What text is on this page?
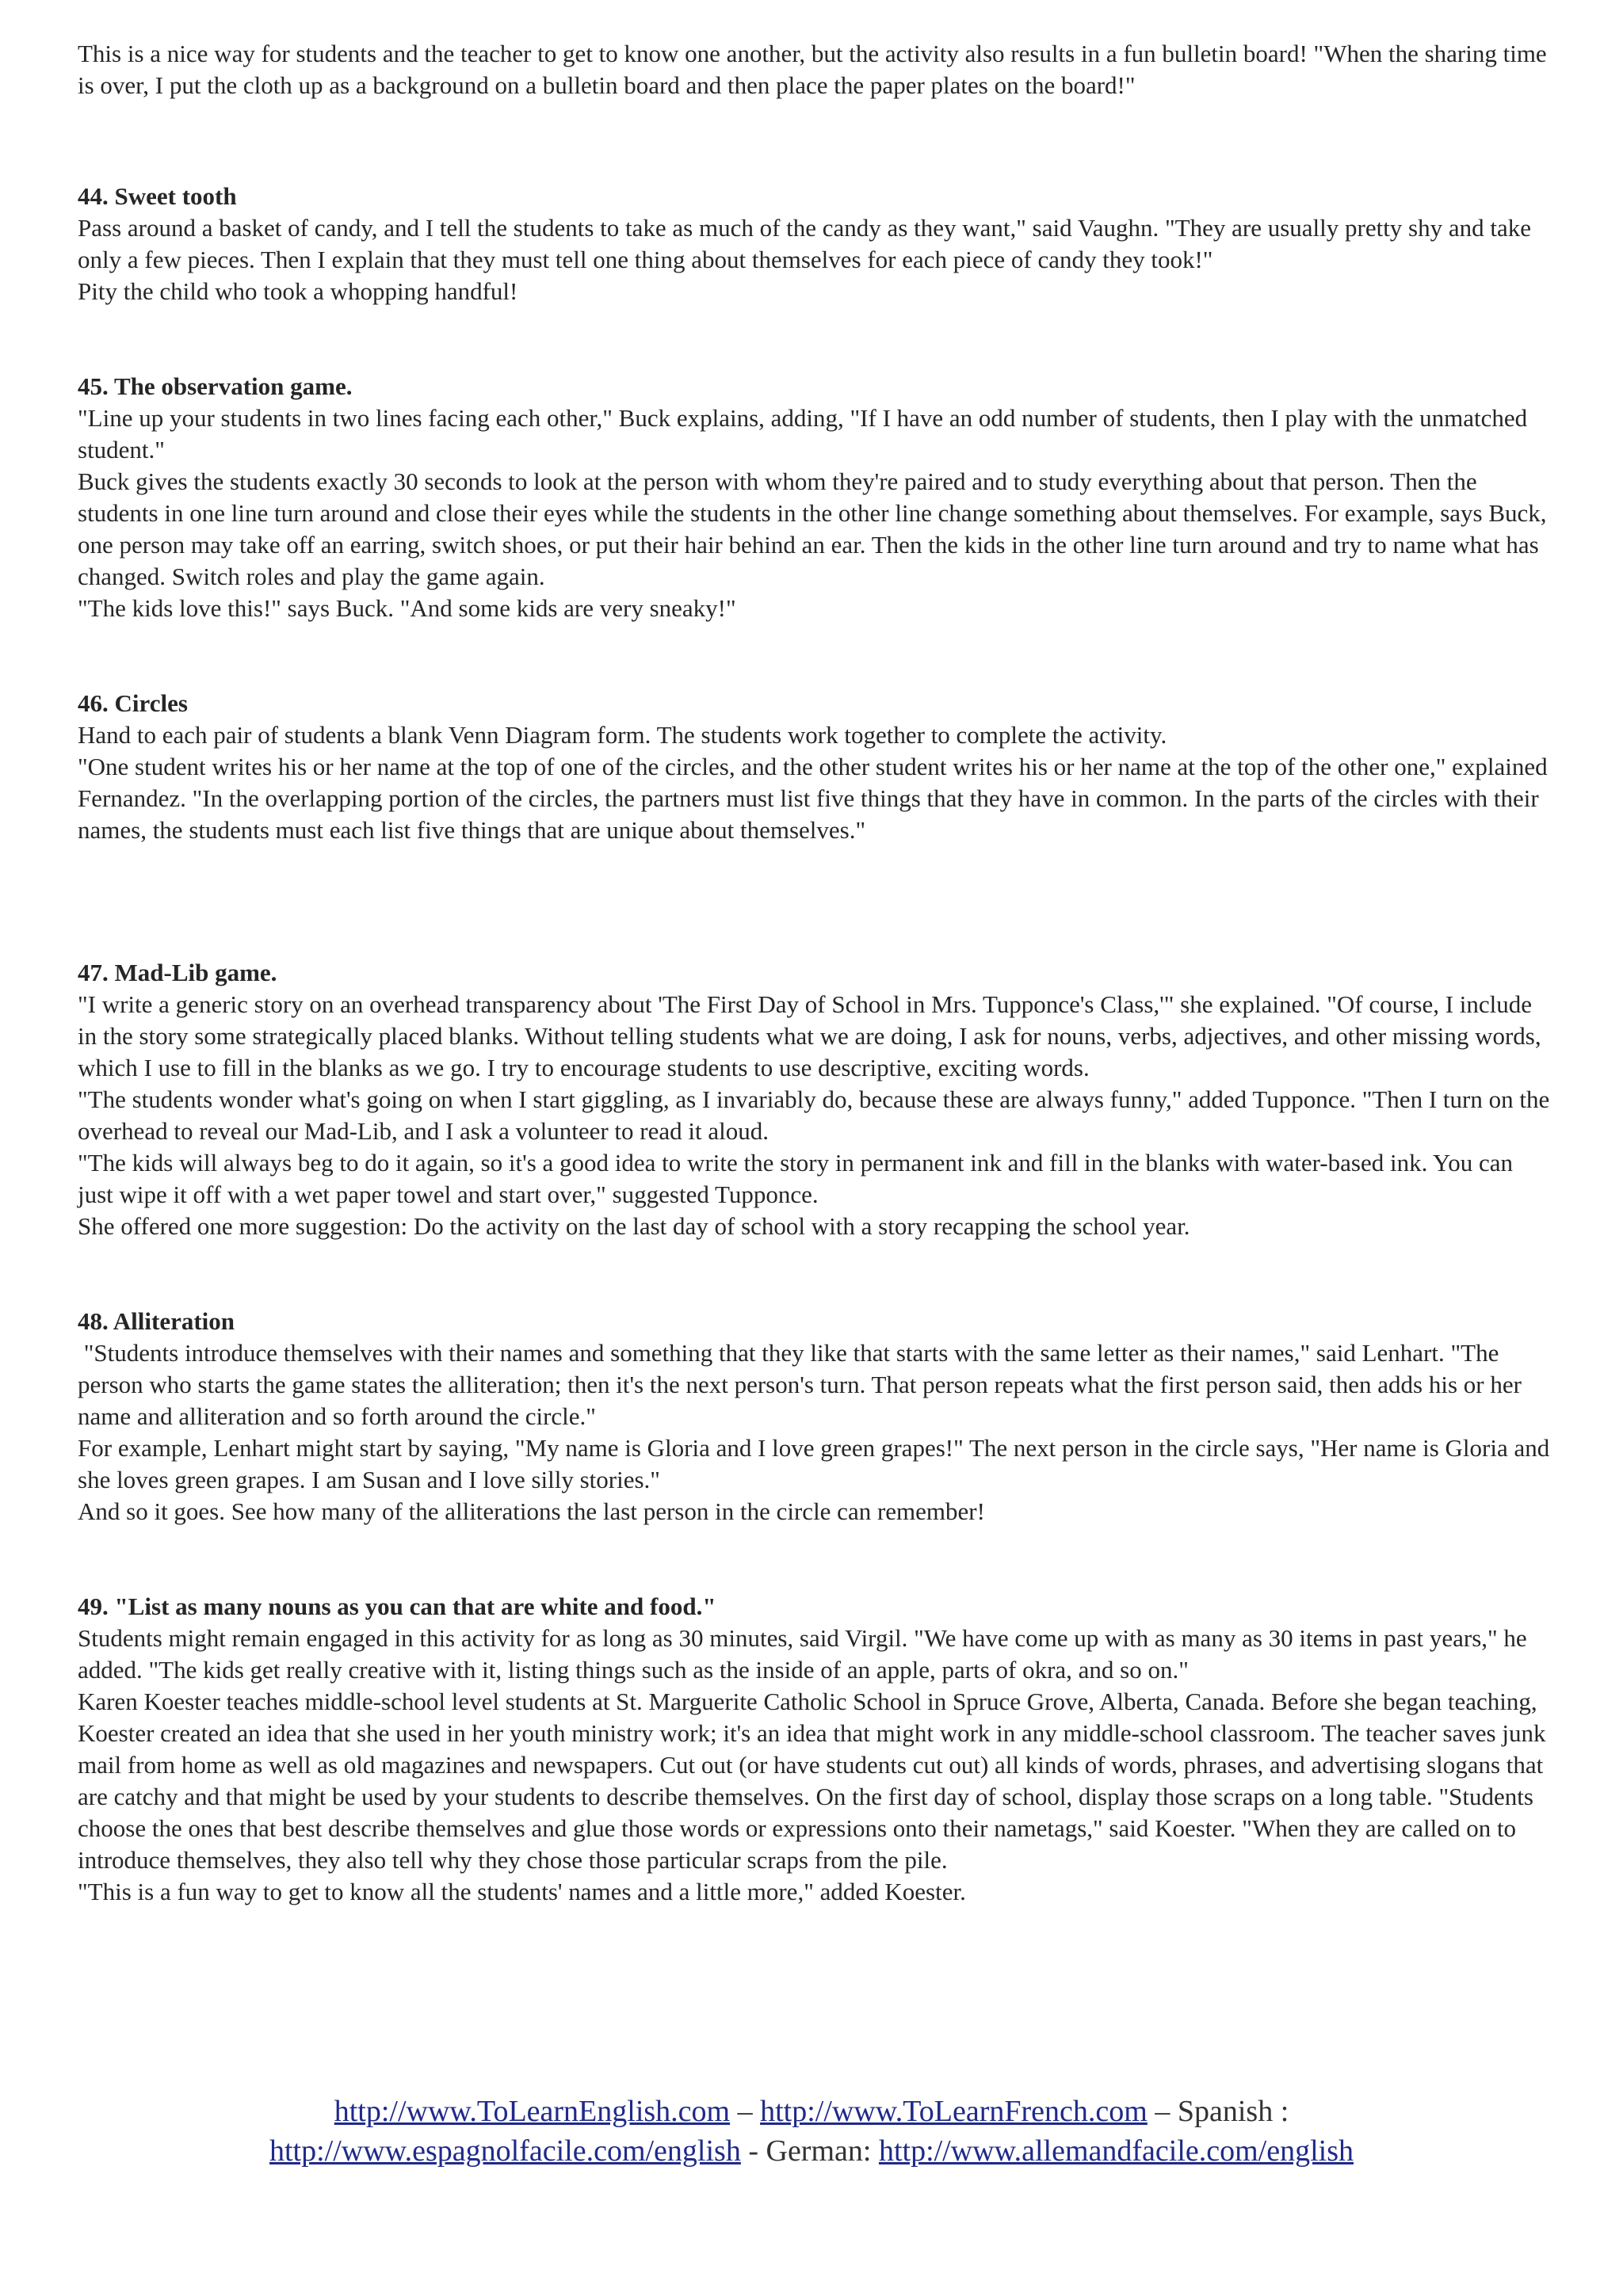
This is a nice way for students and the teacher to get to know one another, but the activity also results in a fun bulletin board! "When the sharing time is over, I put the cloth up as a background on a bulletin board and then place the paper plates on the board!"

44. Sweet tooth

Pass around a basket of candy, and I tell the students to take as much of the candy as they want," said Vaughn. "They are usually pretty shy and take only a few pieces. Then I explain that they must tell one thing about themselves for each piece of candy they took!"

Pity the child who took a whopping handful!

45. The observation game.

"Line up your students in two lines facing each other," Buck explains, adding, "If I have an odd number of students, then I play with the unmatched student."

Buck gives the students exactly 30 seconds to look at the person with whom they're paired and to study everything about that person. Then the students in one line turn around and close their eyes while the students in the other line change something about themselves. For example, says Buck, one person may take off an earring, switch shoes, or put their hair behind an ear. Then the kids in the other line turn around and try to name what has changed. Switch roles and play the game again.

"The kids love this!" says Buck. "And some kids are very sneaky!"

46. Circles

Hand to each pair of students a blank Venn Diagram form. The students work together to complete the activity.

"One student writes his or her name at the top of one of the circles, and the other student writes his or her name at the top of the other one," explained Fernandez. "In the overlapping portion of the circles, the partners must list five things that they have in common. In the parts of the circles with their names, the students must each list five things that are unique about themselves."

47. Mad-Lib game.

"I write a generic story on an overhead transparency about 'The First Day of School in Mrs. Tupponce's Class,'" she explained. "Of course, I include in the story some strategically placed blanks. Without telling students what we are doing, I ask for nouns, verbs, adjectives, and other missing words, which I use to fill in the blanks as we go. I try to encourage students to use descriptive, exciting words.

"The students wonder what's going on when I start giggling, as I invariably do, because these are always funny," added Tupponce. "Then I turn on the overhead to reveal our Mad-Lib, and I ask a volunteer to read it aloud.

"The kids will always beg to do it again, so it's a good idea to write the story in permanent ink and fill in the blanks with water-based ink. You can just wipe it off with a wet paper towel and start over," suggested Tupponce.

She offered one more suggestion: Do the activity on the last day of school with a story recapping the school year.

48. Alliteration

"Students introduce themselves with their names and something that they like that starts with the same letter as their names," said Lenhart. "The person who starts the game states the alliteration; then it's the next person's turn. That person repeats what the first person said, then adds his or her name and alliteration and so forth around the circle."

For example, Lenhart might start by saying, "My name is Gloria and I love green grapes!" The next person in the circle says, "Her name is Gloria and she loves green grapes. I am Susan and I love silly stories."

And so it goes. See how many of the alliterations the last person in the circle can remember!

49. "List as many nouns as you can that are white and food."

Students might remain engaged in this activity for as long as 30 minutes, said Virgil. "We have come up with as many as 30 items in past years," he added. "The kids get really creative with it, listing things such as the inside of an apple, parts of okra, and so on."

Karen Koester teaches middle-school level students at St. Marguerite Catholic School in Spruce Grove, Alberta, Canada. Before she began teaching, Koester created an idea that she used in her youth ministry work; it's an idea that might work in any middle-school classroom. The teacher saves junk mail from home as well as old magazines and newspapers. Cut out (or have students cut out) all kinds of words, phrases, and advertising slogans that are catchy and that might be used by your students to describe themselves. On the first day of school, display those scraps on a long table. "Students choose the ones that best describe themselves and glue those words or expressions onto their nametags," said Koester. "When they are called on to introduce themselves, they also tell why they chose those particular scraps from the pile.

"This is a fun way to get to know all the students' names and a little more," added Koester.

http://www.ToLearnEnglish.com – http://www.ToLearnFrench.com – Spanish :
http://www.espagnolfacile.com/english - German: http://www.allemandfacile.com/english
